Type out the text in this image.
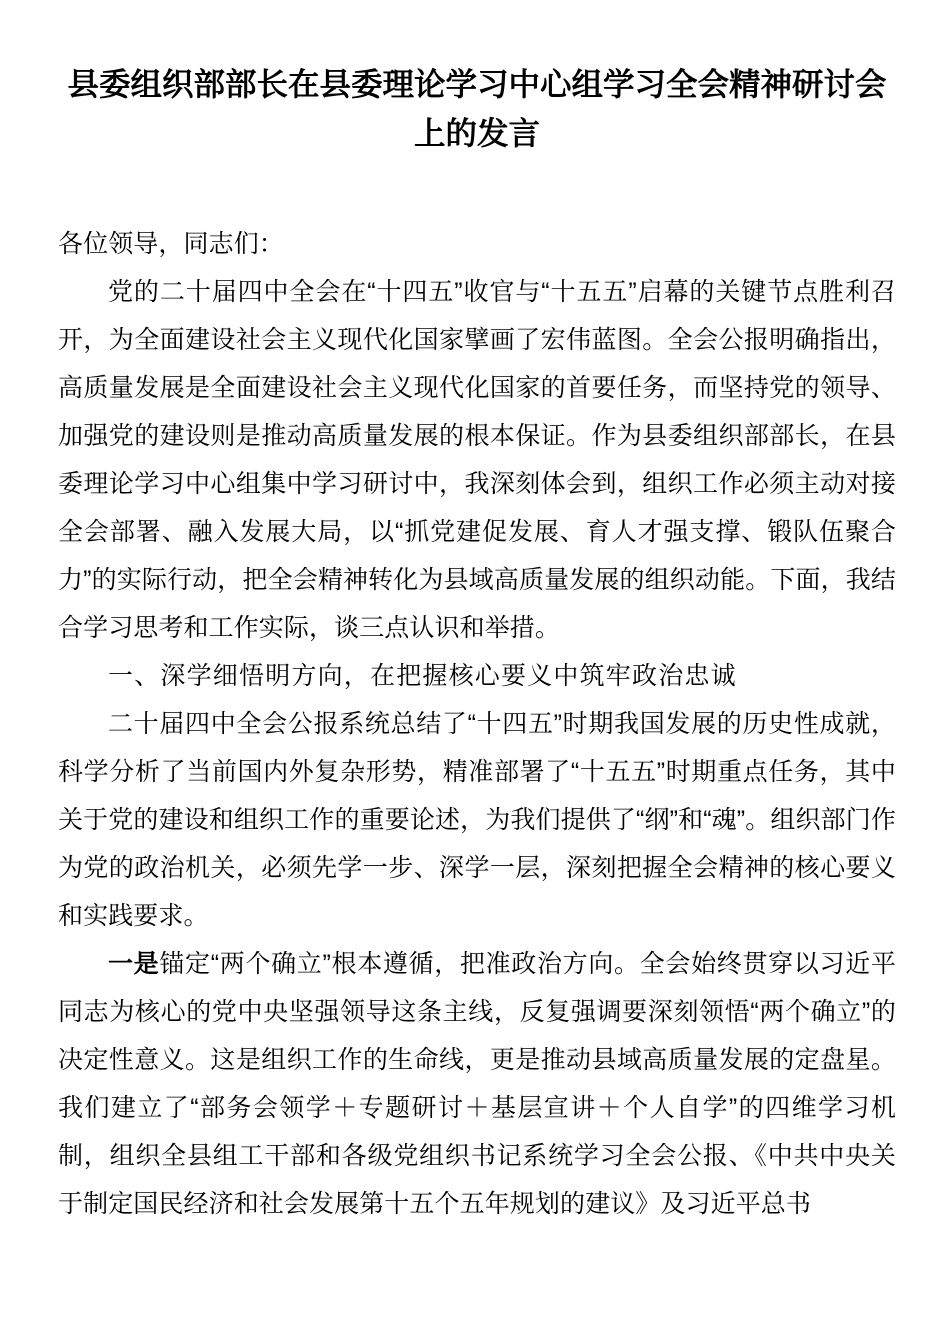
县委组织部部长在县委理论学习中心组学习全会精神研讨会上的发言

各位领导，同志们：

党的二十届四中全会在“十四五”收官与“十五五”启幕的关键节点胜利召开，为全面建设社会主义现代化国家擘画了宏伟蓝图。全会公报明确指出，高质量发展是全面建设社会主义现代化国家的首要任务，而坚持党的领导、加强党的建设则是推动高质量发展的根本保证。作为县委组织部部长，在县委理论学习中心组集中学习研讨中，我深刻体会到，组织工作必须主动对接全会部署、融入发展大局，以“抓党建促发展、育人才强支撑、锻队伍聚合力”的实际行动，把全会精神转化为县域高质量发展的组织动能。下面，我结合学习思考和工作实际，谈三点认识和举措。

一、深学细悟明方向，在把握核心要义中筑牢政治忠诚

二十届四中全会公报系统总结了“十四五”时期我国发展的历史性成就，科学分析了当前国内外复杂形势，精准部署了“十五五”时期重点任务，其中关于党的建设和组织工作的重要论述，为我们提供了“纲”和“魂”。组织部门作为党的政治机关，必须先学一步、深学一层，深刻把握全会精神的核心要义和实践要求。

一是锚定“两个确立”根本遵循，把准政治方向。全会始终贯穿以习近平同志为核心的党中央坚强领导这条主线，反复强调要深刻领悟“两个确立”的决定性意义。这是组织工作的生命线，更是推动县域高质量发展的定盘星。我们建立了“部务会领学＋专题研讨＋基层宣讲＋个人自学”的四维学习机制，组织全县组工干部和各级党组织书记系统学习全会公报、《中共中央关于制定国民经济和社会发展第十五个五年规划的建议》及习近平总书
